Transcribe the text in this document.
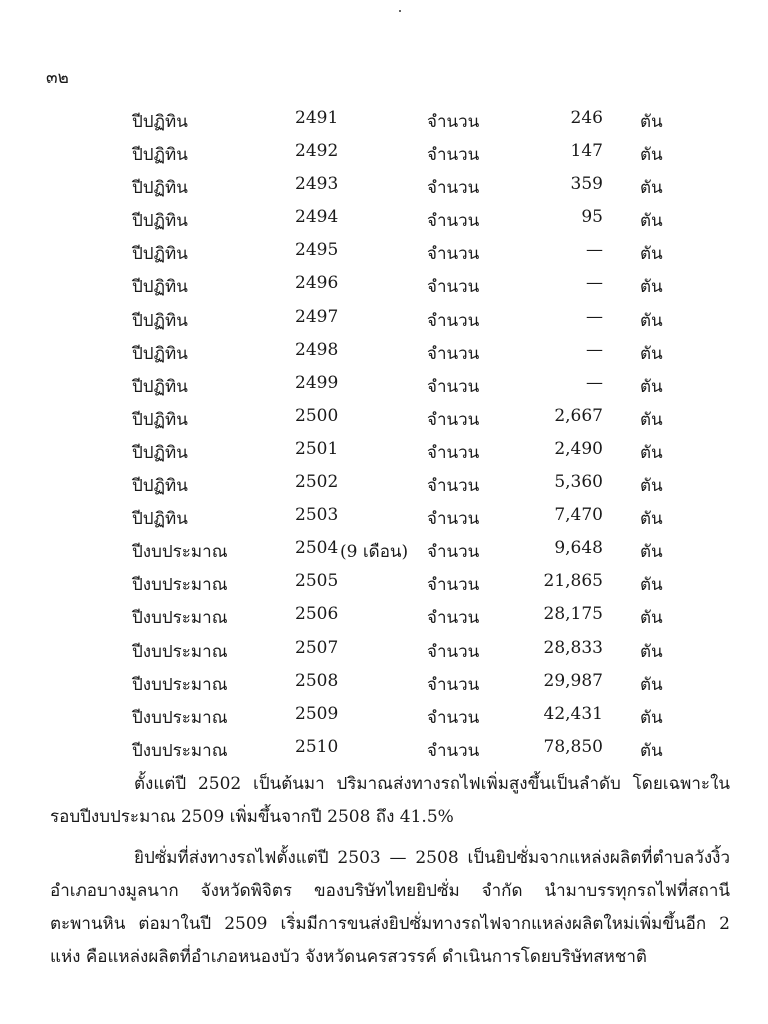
๓๒
ปีปฏิทิน	2491	จำนวน	246 ตัน
ปีปฏิทิน	2492	จำนวน	147 ตัน
ปีปฏิทิน	2493	จำนวน	359 ตัน
ปีปฏิทิน	2494	จำนวน	95 ตัน
ปีปฏิทิน	2495	จำนวน	— ตัน
ปีปฏิทิน	2496	จำนวน	— ตัน
ปีปฏิทิน	2497	จำนวน	— ตัน
ปีปฏิทิน	2498	จำนวน	— ตัน
ปีปฏิทิน	2499	จำนวน	— ตัน
ปีปฏิทิน	2500	จำนวน	2,667 ตัน
ปีปฏิทิน	2501	จำนวน	2,490 ตัน
ปีปฏิทิน	2502	จำนวน	5,360 ตัน
ปีปฏิทิน	2503	จำนวน	7,470 ตัน
ปีงบประมาณ	2504 (9 เดือน) จำนวน	9,648 ตัน
ปีงบประมาณ	2505	จำนวน	21,865 ตัน
ปีงบประมาณ	2506	จำนวน	28,175 ตัน
ปีงบประมาณ	2507	จำนวน	28,833 ตัน
ปีงบประมาณ	2508	จำนวน	29,987 ตัน
ปีงบประมาณ	2509	จำนวน	42,431 ตัน
ปีงบประมาณ	2510	จำนวน	78,850 ตัน

ตั้งแต่ปี 2502 เป็นต้นมา ปริมาณส่งทางรถไฟเพิ่มสูงขึ้นเป็นลำดับ โดยเฉพาะในรอบปีงบประมาณ 2509 เพิ่มขึ้นจากปี 2508 ถึง 41.5%

ยิปซั่มที่ส่งทางรถไฟตั้งแต่ปี 2503 — 2508 เป็นยิปซั่มจากแหล่งผลิตที่ตำบลวังงิ้ว อำเภอบางมูลนาก จังหวัดพิจิตร ของบริษัทไทยยิปซั่ม จำกัด นำมาบรรทุกรถไฟที่สถานีตะพานหิน ต่อมาในปี 2509 เริ่มมีการขนส่งยิปซั่มทางรถไฟจากแหล่งผลิตใหม่เพิ่มขึ้นอีก 2 แห่ง คือแหล่งผลิตที่อำเภอหนองบัว จังหวัดนครสวรรค์ ดำเนินการโดยบริษัทสหชาติ
